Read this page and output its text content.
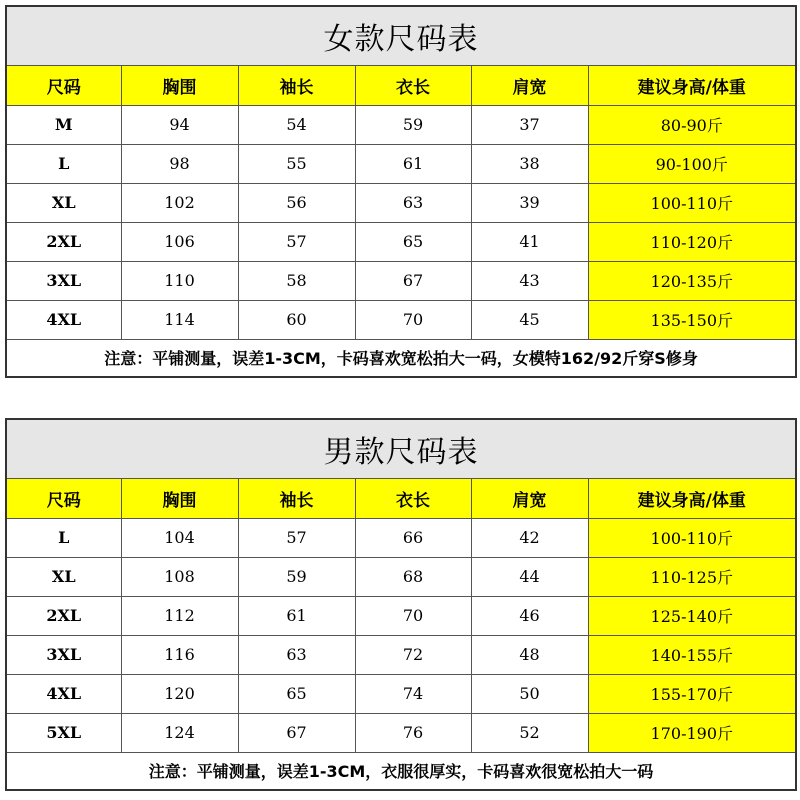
女款尺码表					
尺码	胸围	袖长	衣长	肩宽	建议身高/体重
M	94	54	59	37	80-90斤
L	98	55	61	38	90-100斤
XL	102	56	63	39	100-110斤
2XL	106	57	65	41	110-120斤
3XL	110	58	67	43	120-135斤
4XL	114	60	70	45	135-150斤
注意：平铺测量，误差1-3CM，卡码喜欢宽松拍大一码，女模特162/92斤穿S修身					
男款尺码表					
尺码	胸围	袖长	衣长	肩宽	建议身高/体重
L	104	57	66	42	100-110斤
XL	108	59	68	44	110-125斤
2XL	112	61	70	46	125-140斤
3XL	116	63	72	48	140-155斤
4XL	120	65	74	50	155-170斤
5XL	124	67	76	52	170-190斤
注意：平铺测量，误差1-3CM，衣服很厚实，卡码喜欢很宽松拍大一码					
